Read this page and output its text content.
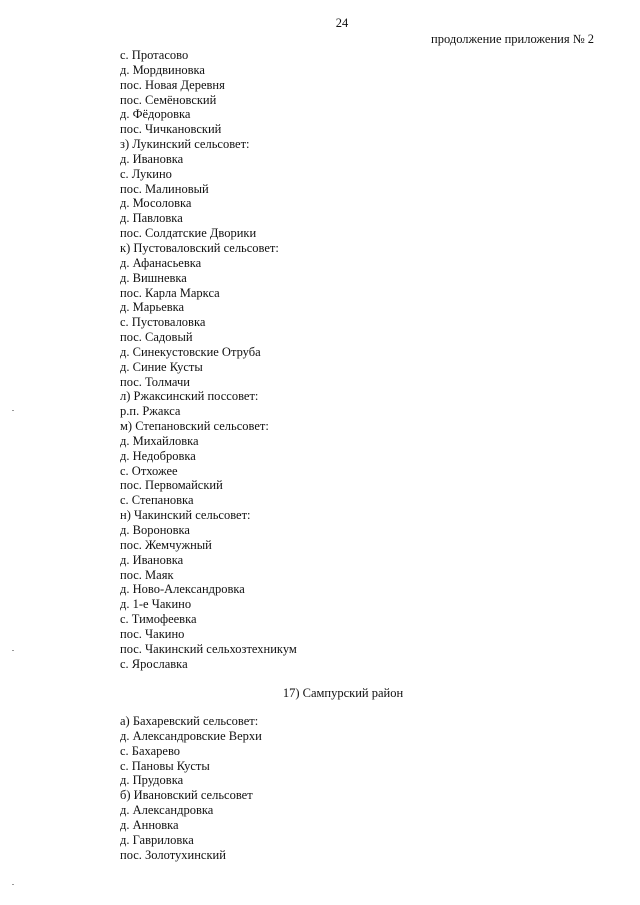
24

продолжение приложения № 2

с. Протасово
д. Мордвиновка
пос. Новая Деревня
пос. Семёновский
д. Фёдоровка
пос. Чичкановский
з) Лукинский сельсовет:
д. Ивановка
с. Лукино
пос. Малиновый
д. Мосоловка
д. Павловка
пос. Солдатские Дворики
к) Пустоваловский сельсовет:
д. Афанасьевка
д. Вишневка
пос. Карла Маркса
д. Марьевка
с. Пустоваловка
пос. Садовый
д. Синекустовские Отруба
д. Синие Кусты
пос. Толмачи
л) Ржаксинский поссовет:
р.п. Ржакса
м) Степановский сельсовет:
д. Михайловка
д. Недобровка
с. Отхожее
пос. Первомайский
с. Степановка
н) Чакинский сельсовет:
д. Вороновка
пос. Жемчужный
д. Ивановка
пос. Маяк
д. Ново-Александровка
д. 1-е Чакино
с. Тимофеевка
пос. Чакино
пос. Чакинский сельхозтехникум
с. Ярославка
17) Сампурский район
а) Бахаревский сельсовет:
д. Александровские Верхи
с. Бахарево
с. Пановы Кусты
д. Прудовка
б) Ивановский сельсовет
д. Александровка
д. Анновка
д. Гавриловка
пос. Золотухинский
